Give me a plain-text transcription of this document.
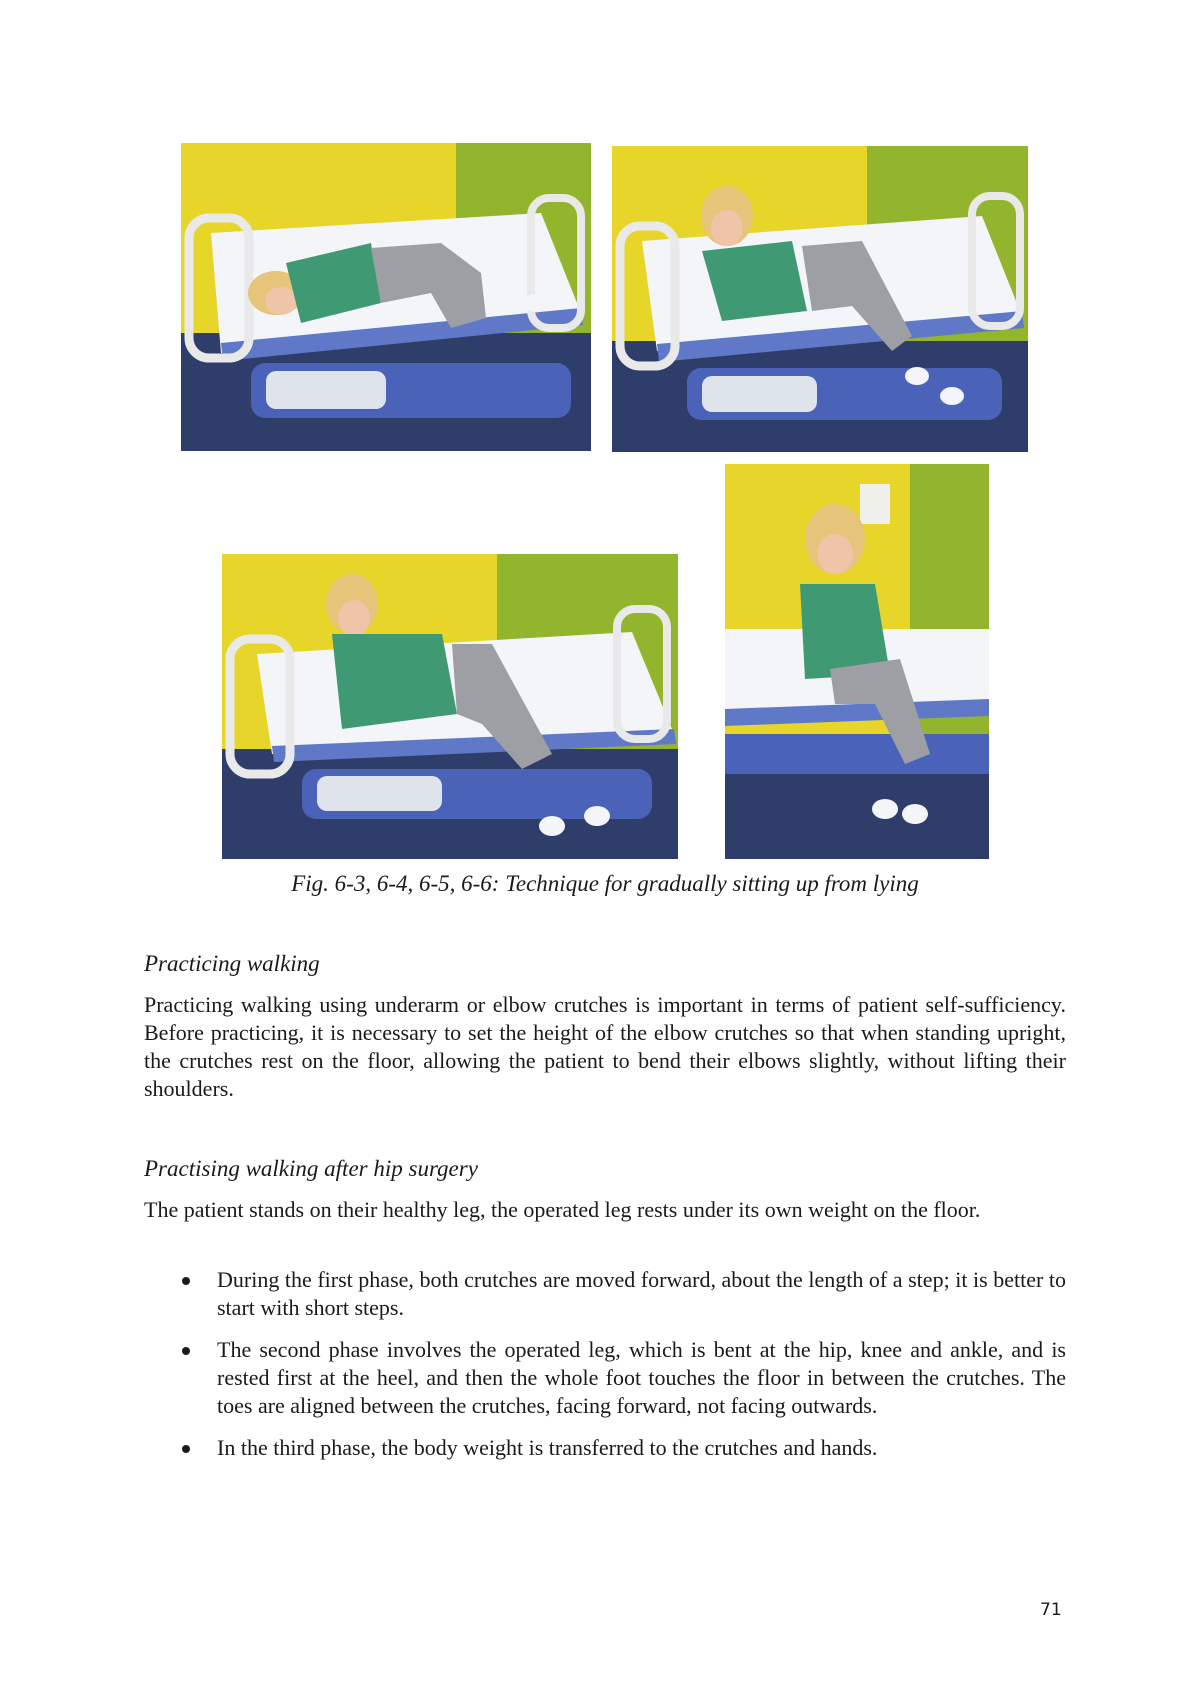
Fig. 6-3, 6-4, 6-5, 6-6: Technique for gradually sitting up from lying
Practicing walking

Practicing walking using underarm or elbow crutches is important in terms of patient self-sufficiency. Before practicing, it is necessary to set the height of the elbow crutches so that when standing upright, the crutches rest on the floor, allowing the patient to bend their elbows slightly, without lifting their shoulders.

Practising walking after hip surgery

The patient stands on their healthy leg, the operated leg rests under its own weight on the floor.

During the first phase, both crutches are moved forward, about the length of a step; it is better to start with short steps.
The second phase involves the operated leg, which is bent at the hip, knee and ankle, and is rested first at the heel, and then the whole foot touches the floor in between the crutches. The toes are aligned between the crutches, facing forward, not facing outwards.
In the third phase, the body weight is transferred to the crutches and hands.
71
